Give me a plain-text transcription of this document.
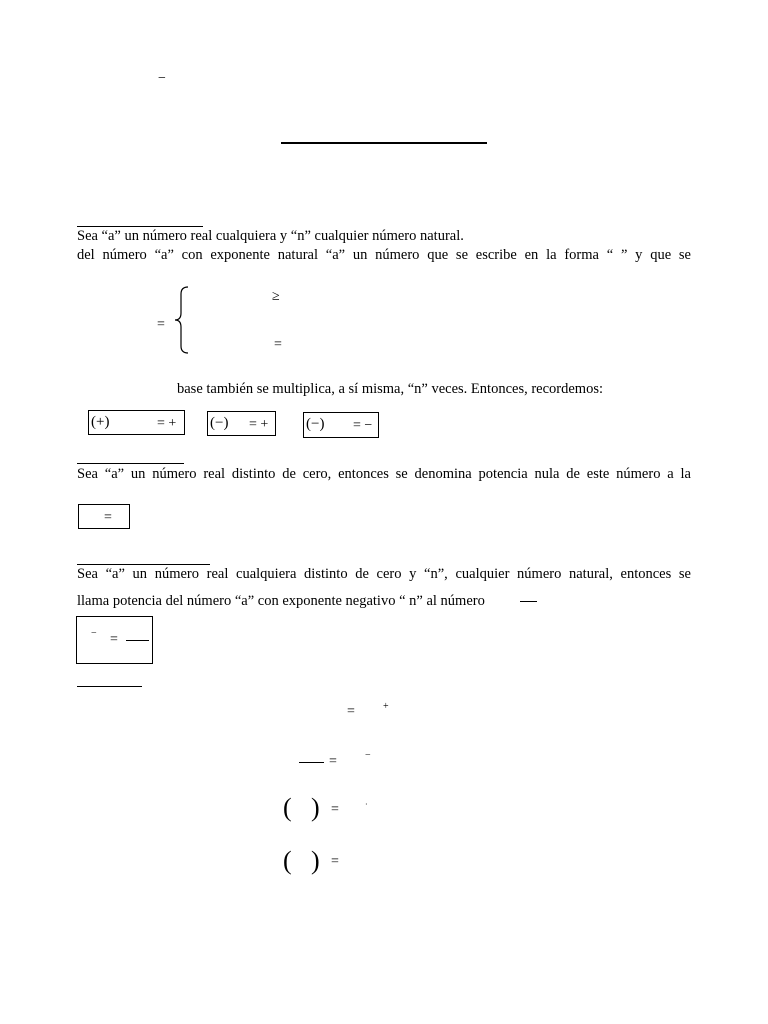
−
Sea “a” un número real cualquiera y “n” cualquier número natural.
del número “a” con exponente natural “a” un número que se escribe en la forma “ ” y que se
=
≥
=
base también se multiplica, a sí misma, “n” veces. Entonces, recordemos:
(+)	= + (−) = +	(−) = −
Sea “a” un número real distinto de cero, entonces se denomina potencia nula de este número a la
=
Sea “a” un número real cualquiera distinto de cero y “n”, cualquier número natural, entonces se
llama potencia del número “a” con exponente negativo “ n” al número
− =
=	+
=	−
( ) =	·
( ) =
